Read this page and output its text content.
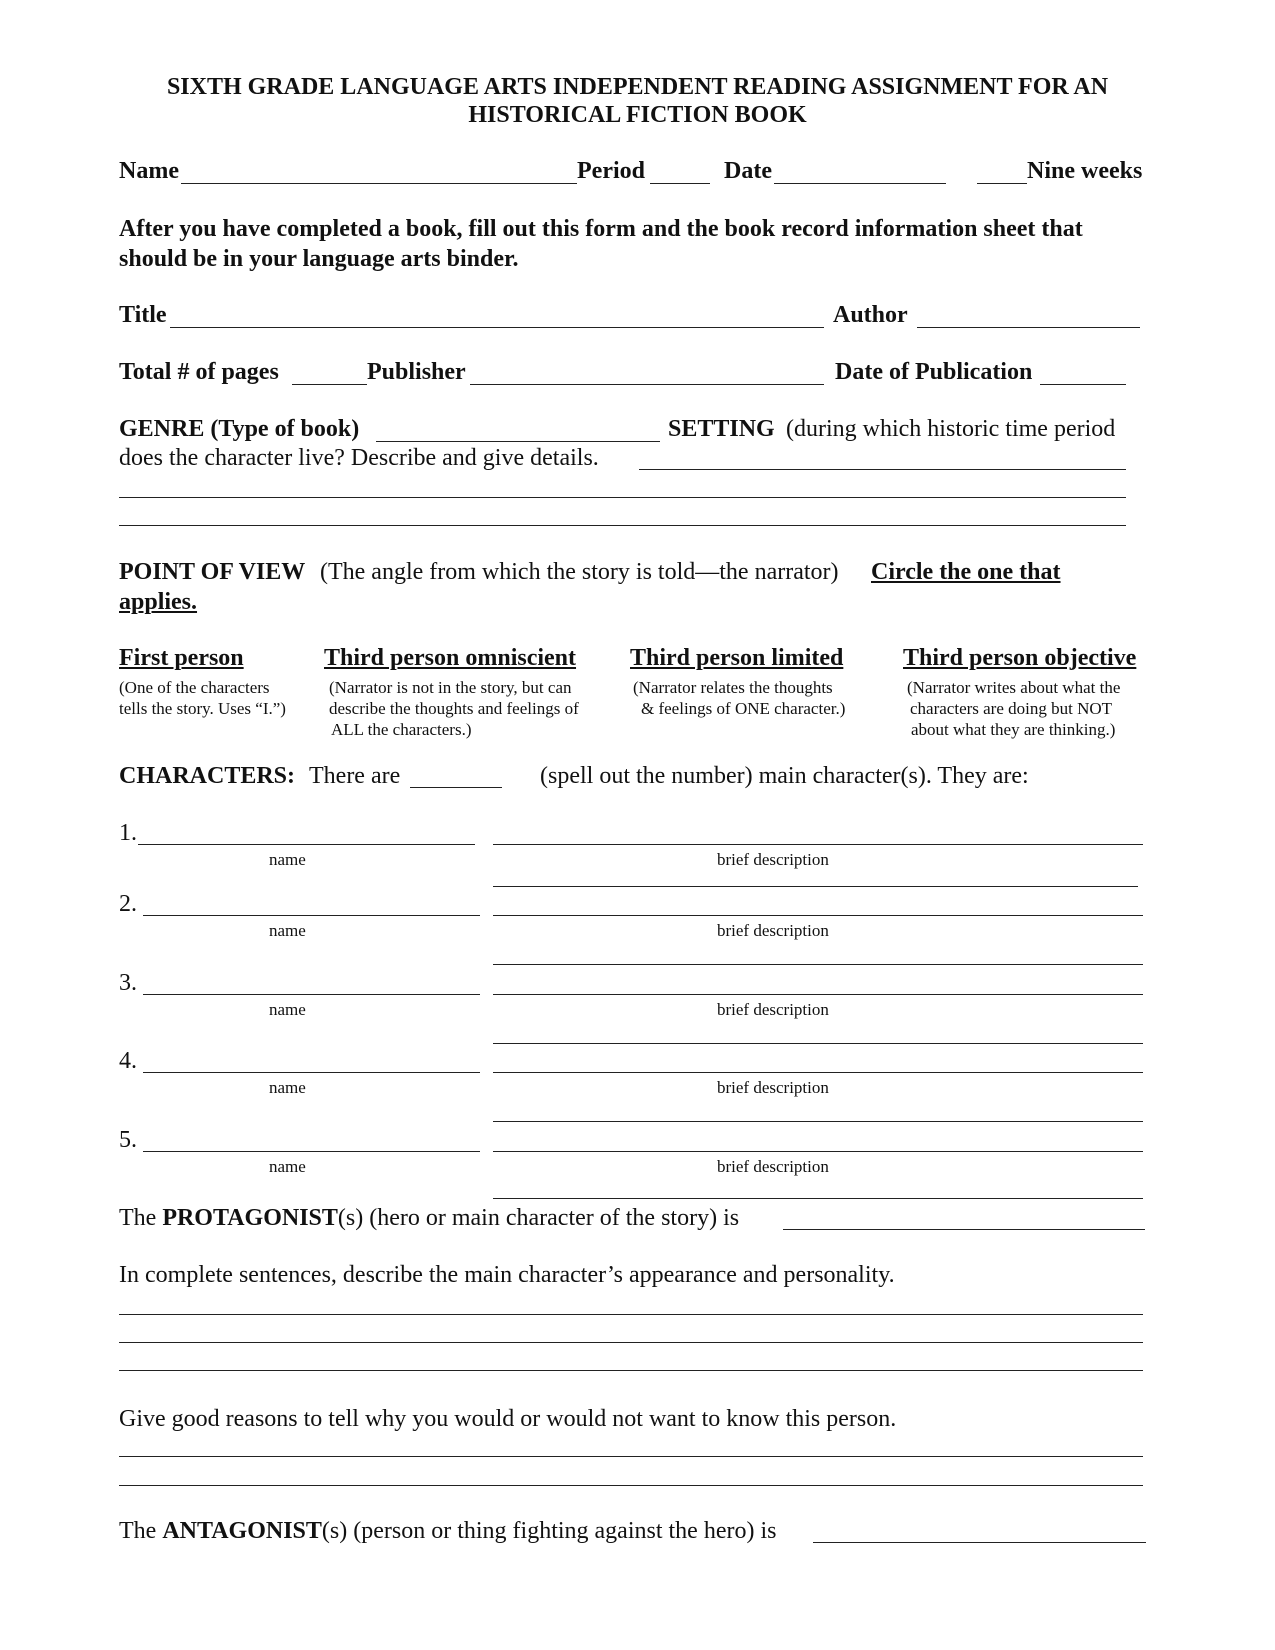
SIXTH GRADE LANGUAGE ARTS INDEPENDENT READING ASSIGNMENT FOR AN
HISTORICAL FICTION BOOK
Name	Period	Date	Nine weeks
After you have completed a book, fill out this form and the book record information sheet that
should be in your language arts binder.
Title	Author
Total # of pages	Publisher	Date of Publication
GENRE (Type of book)	SETTING (during which historic time period
does the character live? Describe and give details.
POINT OF VIEW (The angle from which the story is told—the narrator) Circle the one that
applies.
First person
(One of the characters
tells the story. Uses “I.”)
Third person omniscient
(Narrator is not in the story, but can
describe the thoughts and feelings of
ALL the characters.)
Third person limited
(Narrator relates the thoughts
& feelings of ONE character.)
Third person objective
(Narrator writes about what the
characters are doing but NOT
about what they are thinking.)
CHARACTERS: There are	(spell out the number) main character(s). They are:
1.
name	brief description
2.
name	brief description
3.
name	brief description
4.
name	brief description
5.
name	brief description
The PROTAGONIST(s) (hero or main character of the story) is
In complete sentences, describe the main character’s appearance and personality.
Give good reasons to tell why you would or would not want to know this person.
The ANTAGONIST(s) (person or thing fighting against the hero) is
